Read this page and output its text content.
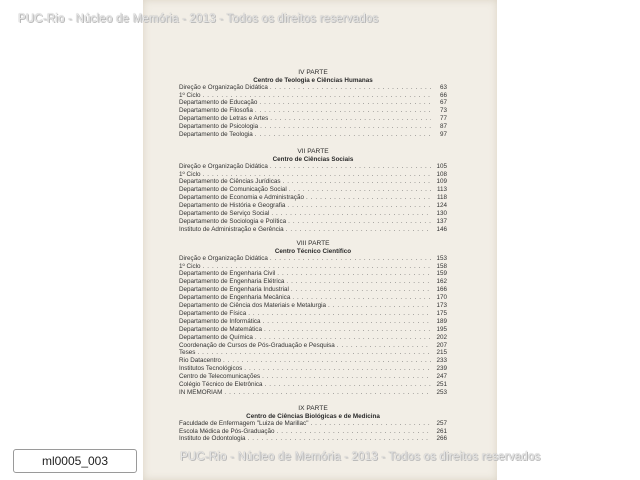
PUC-Rio - Núcleo de Memória - 2013 - Todos os direitos reservados
IV PARTE
Centro de Teologia e Ciências Humanas
Direção e Organização Didática . . .	63
1º Ciclo . . .	66
Departamento de Educação . . .	67
Departamento de Filosofia . . .	73
Departamento de Letras e Artes . . .	77
Departamento de Psicologia . . .	87
Departamento de Teologia . . .	97
VII PARTE
Centro de Ciências Sociais
Direção e Organização Didática . . .	105
1º Ciclo . . .	108
Departamento de Ciências Jurídicas . . .	109
Departamento de Comunicação Social . . .	113
Departamento de Economia e Administração . . .	118
Departamento de História e Geografia . . .	124
Departamento de Serviço Social . . .	130
Departamento de Sociologia e Política . . .	137
Instituto de Administração e Gerência . . .	146
VIII PARTE
Centro Técnico Científico
Direção e Organização Didática . . .	153
1º Ciclo . . .	158
Departamento de Engenharia Civil . . .	159
Departamento de Engenharia Elétrica . . .	162
Departamento de Engenharia Industrial . . .	166
Departamento de Engenharia Mecânica . . .	170
Departamento de Ciência dos Materiais e Metalurgia . . .	173
Departamento de Física . . .	175
Departamento de Informática . . .	189
Departamento de Matemática . . .	195
Departamento de Química . . .	202
Coordenação de Cursos de Pós-Graduação e Pesquisa . . .	207
Teses . . .	215
Rio Datacentro . . .	233
Institutos Tecnológicos . . .	239
Centro de Telecomunicações . . .	247
Colégio Técnico de Eletrônica . . .	251
IN MEMORIAM . . .	253
IX PARTE
Centro de Ciências Biológicas e de Medicina
Faculdade de Enfermagem "Luiza de Marillac" . . .	257
Escola Médica de Pós-Graduação . . .	261
Instituto de Odontologia . . .	266
ml0005_003	PUC-Rio - Núcleo de Memória - 2013 - Todos os direitos reservados
